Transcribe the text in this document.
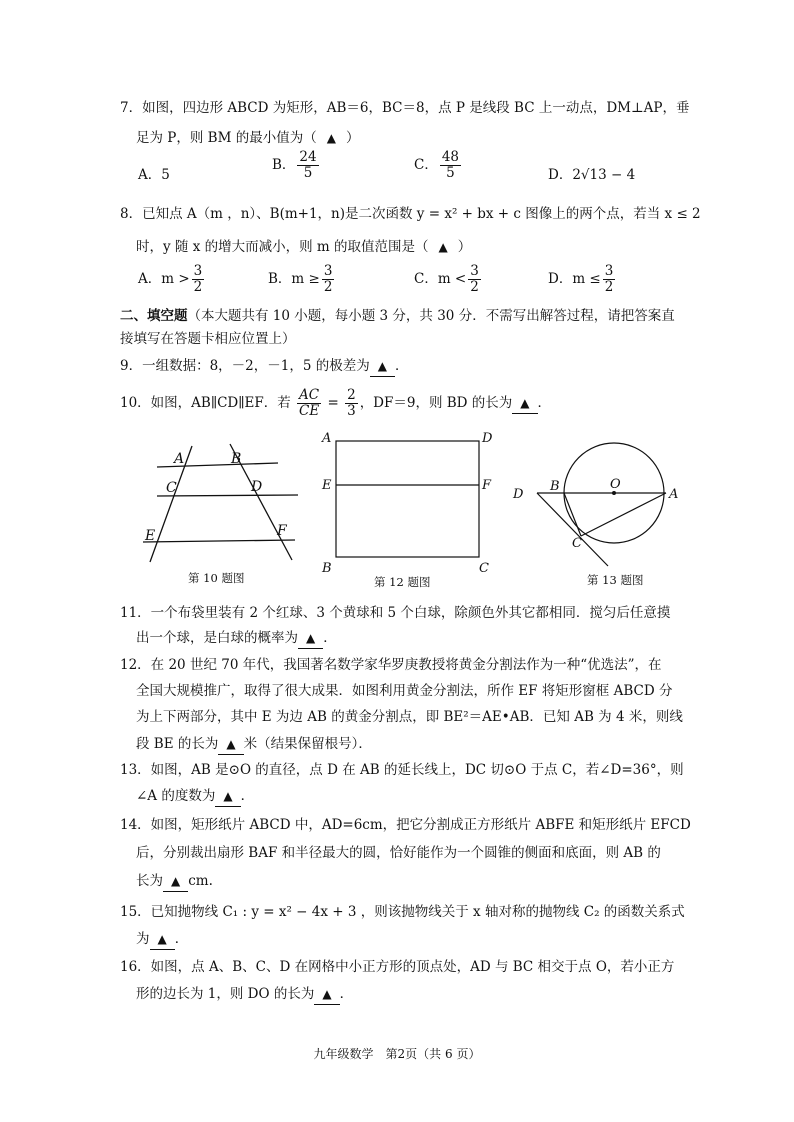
7．如图，四边形 ABCD 为矩形，AB＝6，BC＝8，点 P 是线段 BC 上一动点，DM⊥AP，垂
足为 P，则 BM 的最小值为（ ▲ ）
A．5
B． $\frac{24}{5}$	C． $\frac{48}{5}$	D．2√13 − 4
8．已知点 A（m ，n）、B(m+1，n)是二次函数 y = x² + bx + c 图像上的两个点，若当 x ≤ 2
时，y 随 x 的增大而减小，则 m 的取值范围是（ ▲ ）
A．$m > \frac{3}{2}$	B．$m \ge \frac{3}{2}$	C．$m < \frac{3}{2}$	D．$m \le \frac{3}{2}$
二、填空题（本大题共有 10 小题，每小题 3 分，共 30 分．不需写出解答过程，请把答案直
接填写在答题卡相应位置上）
9．一组数据：8，－2，－1，5 的极差为 ▲ ．
10．如图，AB∥CD∥EF．若 $\frac{AC}{CE} = \frac{2}{3}$ ，DF＝9，则 BD 的长为 ▲ ．
A	B
C	D
E	F
第 10 题图
A	D
E	F
B	C
第 12 题图
D
B	O
A
C
第 13 题图
11．一个布袋里装有 2 个红球、3 个黄球和 5 个白球，除颜色外其它都相同．搅匀后任意摸
出一个球，是白球的概率为 ▲ ．
12．在 20 世纪 70 年代，我国著名数学家华罗庚教授将黄金分割法作为一种“优选法”，在
全国大规模推广，取得了很大成果．如图利用黄金分割法，所作 EF 将矩形窗框 ABCD 分
为上下两部分，其中 E 为边 AB 的黄金分割点，即 BE²＝AE•AB．已知 AB 为 4 米，则线
段 BE 的长为 ▲ 米（结果保留根号）．
13．如图，AB 是⊙O 的直径，点 D 在 AB 的延长线上，DC 切⊙O 于点 C，若∠D=36°，则
∠A 的度数为 ▲ ．
14．如图，矩形纸片 ABCD 中，AD=6cm，把它分割成正方形纸片 ABFE 和矩形纸片 EFCD
后，分别裁出扇形 BAF 和半径最大的圆，恰好能作为一个圆锥的侧面和底面，则 AB 的
长为 ▲ cm.
15．已知抛物线 C₁ : y = x² − 4x + 3 ，则该抛物线关于 x 轴对称的抛物线 C₂ 的函数关系式
为 ▲ ．
16．如图，点 A、B、C、D 在网格中小正方形的顶点处，AD 与 BC 相交于点 O，若小正方
形的边长为 1，则 DO 的长为 ▲ ．
九年级数学　第2页（共 6 页）
